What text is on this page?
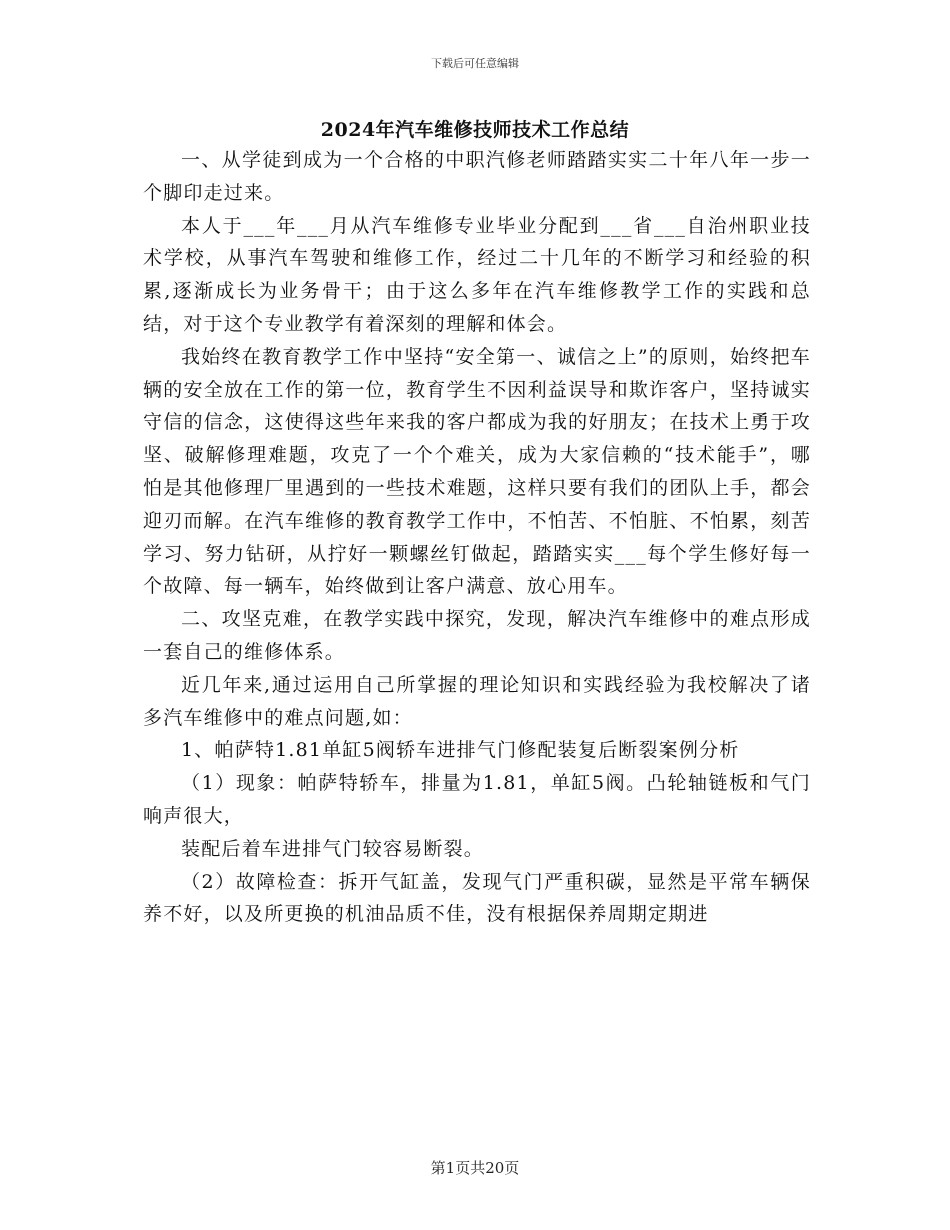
下载后可任意编辑
2024年汽车维修技师技术工作总结

一、从学徒到成为一个合格的中职汽修老师踏踏实实二十年八年一步一个脚印走过来。

本人于___年___月从汽车维修专业毕业分配到___省___自治州职业技术学校，从事汽车驾驶和维修工作，经过二十几年的不断学习和经验的积累,逐渐成长为业务骨干；由于这么多年在汽车维修教学工作的实践和总结，对于这个专业教学有着深刻的理解和体会。

我始终在教育教学工作中坚持“安全第一、诚信之上”的原则，始终把车辆的安全放在工作的第一位，教育学生不因利益误导和欺诈客户，坚持诚实守信的信念，这使得这些年来我的客户都成为我的好朋友；在技术上勇于攻坚、破解修理难题，攻克了一个个难关，成为大家信赖的“技术能手”，哪怕是其他修理厂里遇到的一些技术难题，这样只要有我们的团队上手，都会迎刃而解。在汽车维修的教育教学工作中，不怕苦、不怕脏、不怕累，刻苦学习、努力钻研，从拧好一颗螺丝钉做起，踏踏实实___每个学生修好每一个故障、每一辆车，始终做到让客户满意、放心用车。

二、攻坚克难，在教学实践中探究，发现，解决汽车维修中的难点形成一套自己的维修体系。

近几年来,通过运用自己所掌握的理论知识和实践经验为我校解决了诸多汽车维修中的难点问题,如：

1、帕萨特1.81单缸5阀轿车进排气门修配装复后断裂案例分析

（1）现象：帕萨特轿车，排量为1.81，单缸5阀。凸轮轴链板和气门响声很大，

装配后着车进排气门较容易断裂。

（2）故障检查：拆开气缸盖，发现气门严重积碳，显然是平常车辆保养不好，以及所更换的机油品质不佳，没有根据保养周期定期进

第1页共20页
